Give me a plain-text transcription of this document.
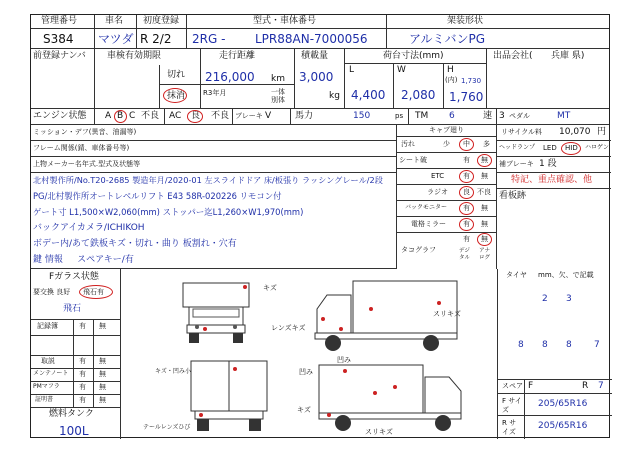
管理番号	車名 初度登録	型式・車体番号	架装形状
S384 マツダ R 2/2 2RG - LPR88AN-7000056	アルミバンPG
前登録ナンバ 車検有効期限
切れ
抹消
走行距離
216,000 km
R3年月	一体
別体
積載量
3,000
kg
荷台寸法(mm)
L	W	H
(内) 1,730
4,400 2,080 1,760
出品会社( 兵庫 県)
エンジン状態 A B C 不良 AC 良 不良 ブレーキ V	馬力	150	ps TM 6	速 3 ペダル	MT
ミッション・デフ(異音、油漏等)
フレーム関係(錆、車体番号等)
上物メーカー名年式.型式及状態等
北村製作所/No.T20-2685 製造年月/2020-01 左スライドドア 床/板張り ラッシングレール/2段
PG/北村製作所オートレベルリフト E43 58R-020226 リモコン付
ゲート寸 L1,500×W2,060(mm) ストッパー迄L1,260×W1,970(mm)
バックアイカメラ/ICHIKOH
ボデー内/あて鉄板キズ・切れ・曲り 板割れ・穴有
鍵 情報     スペアキー/有
キャブ廻り
汚れ	少 中 多
シート破	有 無
ETC	有 無
ラジオ 良 不良
バックモニター 有 無
電格ミラー 有 無
タコグラフ
有 無
デジタル
アナログ
リサイクル料 10,070 円
ヘッドランプ LED HID ハロゲン
補ブレーキ 1 段
特記、重点確認、他
看板跡
Fガラス状態
要交換 良好 飛石有
飛石
記録簿	有 無
取説	有 無
メンテノート 有 無
PMマフラ	有 無
証明書	有 無
燃料タンク
100L
キズ
レンズキズ
スリキズ
凹み
キズ・凹み小
テールレンズひび
凹み
キズ
スリキズ
タイヤ mm、欠、で記載
2 3
8 8 8 7
スペア F	R 7
F サイズ
205/65R16
R サイズ
205/65R16
